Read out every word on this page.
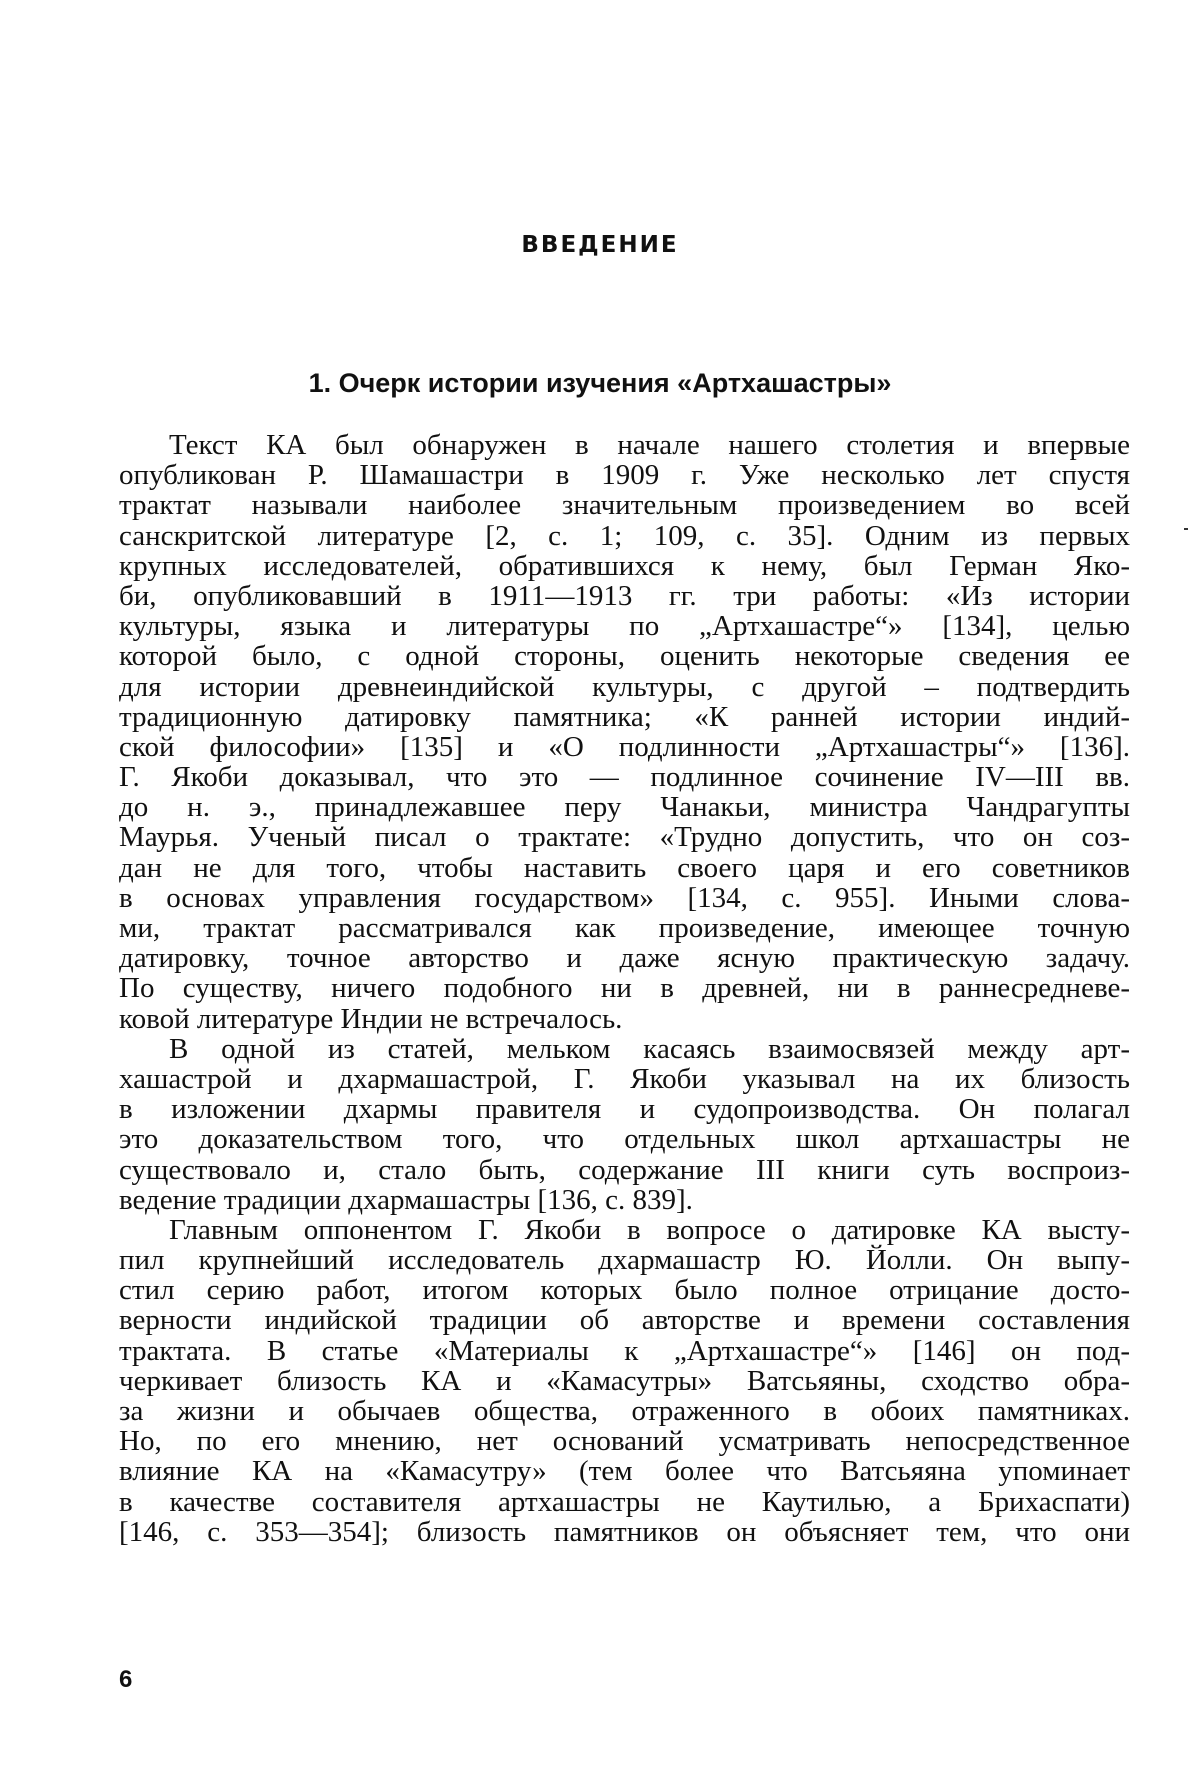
ВВЕДЕНИЕ
1. Очерк истории изучения «Артхашастры»
Текст КА был обнаружен в начале нашего столетия и впервые
опубликован Р. Шамашастри в 1909 г. Уже несколько лет спустя
трактат называли наиболее значительным произведением во всей
санскритской литературе [2, с. 1; 109, с. 35]. Одним из первых
крупных исследователей, обратившихся к нему, был Герман Яко-
би, опубликовавший в 1911—1913 гг. три работы: «Из истории
культуры, языка и литературы по „Артхашастре“» [134], целью
которой было, с одной стороны, оценить некоторые сведения ее
для истории древнеиндийской культуры, с другой – подтвердить
традиционную датировку памятника; «К ранней истории индий-
ской философии» [135] и «О подлинности „Артхашастры“» [136].
Г. Якоби доказывал, что это — подлинное сочинение IV—III вв.
до н. э., принадлежавшее перу Чанакьи, министра Чандрагупты
Маурья. Ученый писал о трактате: «Трудно допустить, что он соз-
дан не для того, чтобы наставить своего царя и его советников
в основах управления государством» [134, с. 955]. Иными слова-
ми, трактат рассматривался как произведение, имеющее точную
датировку, точное авторство и даже ясную практическую задачу.
По существу, ничего подобного ни в древней, ни в раннесредневе-
ковой литературе Индии не встречалось.
В одной из статей, мельком касаясь взаимосвязей между арт-
хашастрой и дхармашастрой, Г. Якоби указывал на их близость
в изложении дхармы правителя и судопроизводства. Он полагал
это доказательством того, что отдельных школ артхашастры не
существовало и, стало быть, содержание III книги суть воспроиз-
ведение традиции дхармашастры [136, с. 839].
Главным оппонентом Г. Якоби в вопросе о датировке КА высту-
пил крупнейший исследователь дхармашастр Ю. Йолли. Он выпу-
стил серию работ, итогом которых было полное отрицание досто-
верности индийской традиции об авторстве и времени составления
трактата. В статье «Материалы к „Артхашастре“» [146] он под-
черкивает близость КА и «Камасутры» Ватсьяяны, сходство обра-
за жизни и обычаев общества, отраженного в обоих памятниках.
Но, по его мнению, нет оснований усматривать непосредственное
влияние КА на «Камасутру» (тем более что Ватсьяяна упоминает
в качестве составителя артхашастры не Каутилью, а Брихаспати)
[146, с. 353—354]; близость памятников он объясняет тем, что они
6
